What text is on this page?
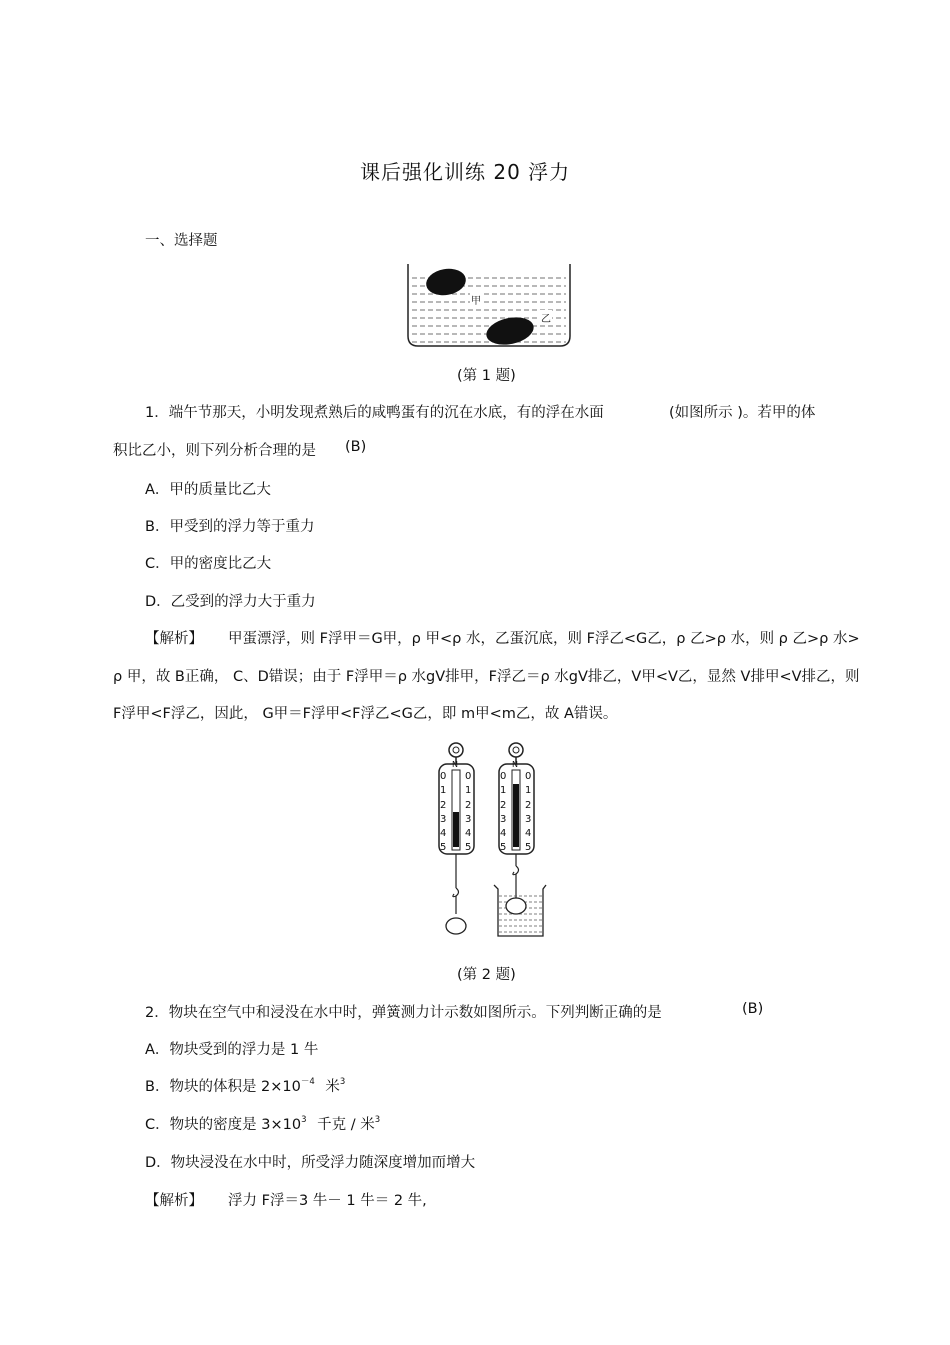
课后强化训练 20 浮力
一、选择题
甲
乙
(第 1 题)
1．端午节那天，小明发现煮熟后的咸鸭蛋有的沉在水底，有的浮在水面	(如图所示 )。若甲的体
积比乙小，则下列分析合理的是 (B)
A．甲的质量比乙大
B．甲受到的浮力等于重力
C．甲的密度比乙大
D．乙受到的浮力大于重力
【解析】 甲蛋漂浮，则 F浮甲＝G甲，ρ 甲<ρ 水，乙蛋沉底，则 F浮乙<G乙，ρ 乙>ρ 水，则 ρ 乙>ρ 水>
ρ 甲，故 B正确， C、D错误；由于 F浮甲＝ρ 水gV排甲，F浮乙＝ρ 水gV排乙，V甲<V乙，显然 V排甲<V排乙，则
F浮甲<F浮乙，因此， G甲＝F浮甲<F浮乙<G乙，即 m甲<m乙，故 A错误。
0
1
2
3
4
5
0
1
2
3
4
5
0
1
2
3
4
5
0
1
2
3
4
5
N	N
(第 2 题)
2．物块在空气中和浸没在水中时，弹簧测力计示数如图所示。下列判断正确的是	(B)
A．物块受到的浮力是 1 牛
B．物块的体积是 $2\times 10^{-4}$ 米$^3$
C．物块的密度是 $3\times 10^3$ 千克 / 米$^3$
D．物块浸没在水中时，所受浮力随深度增加而增大
【解析】 浮力 F浮＝3 牛－ 1 牛＝ 2 牛,
